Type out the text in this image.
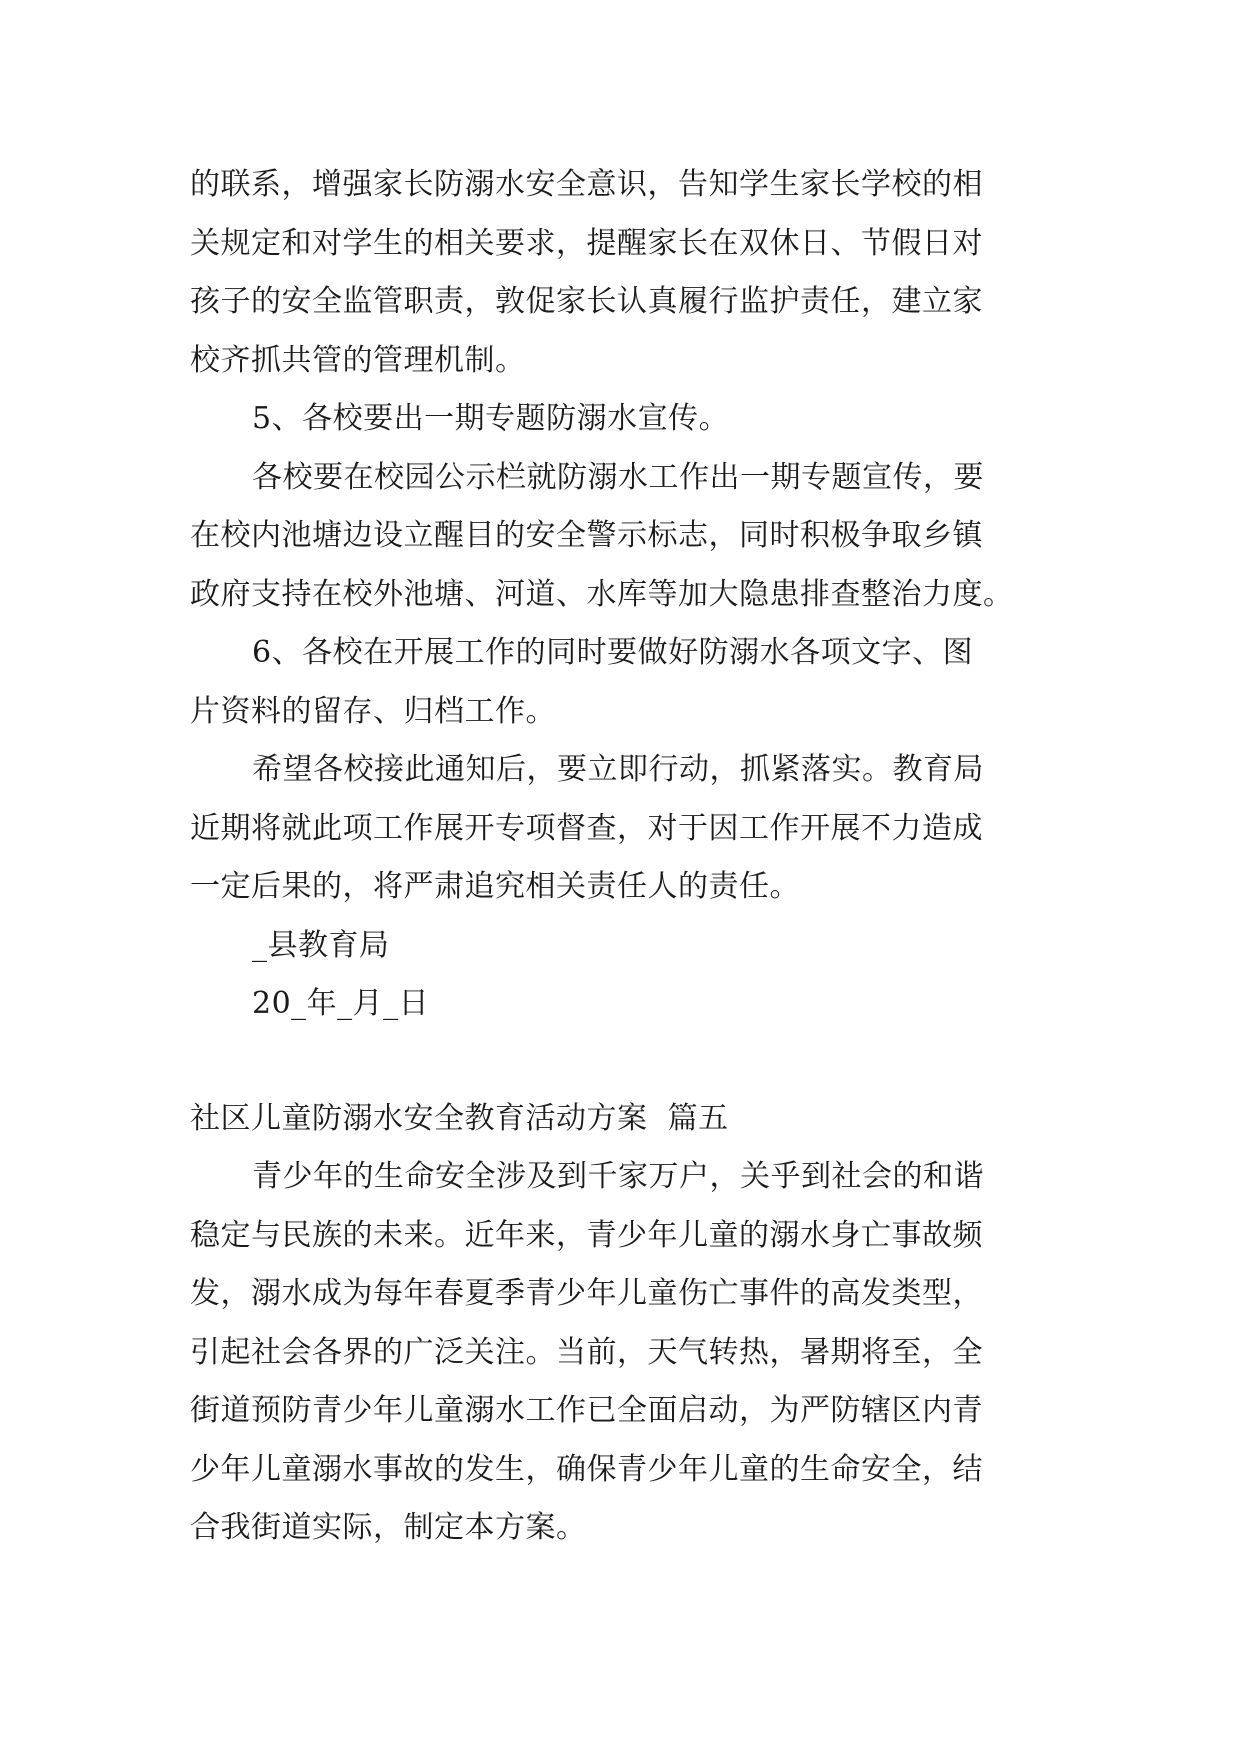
的联系，增强家长防溺水安全意识，告知学生家长学校的相
关规定和对学生的相关要求，提醒家长在双休日、节假日对
孩子的安全监管职责，敦促家长认真履行监护责任，建立家
校齐抓共管的管理机制。
5、各校要出一期专题防溺水宣传。
各校要在校园公示栏就防溺水工作出一期专题宣传，要
在校内池塘边设立醒目的安全警示标志，同时积极争取乡镇
政府支持在校外池塘、河道、水库等加大隐患排查整治力度。
6、各校在开展工作的同时要做好防溺水各项文字、图
片资料的留存、归档工作。
希望各校接此通知后，要立即行动，抓紧落实。教育局
近期将就此项工作展开专项督查，对于因工作开展不力造成
一定后果的，将严肃追究相关责任人的责任。
_县教育局
20_年_月_日
社区儿童防溺水安全教育活动方案  篇五
青少年的生命安全涉及到千家万户，关乎到社会的和谐
稳定与民族的未来。近年来，青少年儿童的溺水身亡事故频
发，溺水成为每年春夏季青少年儿童伤亡事件的高发类型，
引起社会各界的广泛关注。当前，天气转热，暑期将至，全
街道预防青少年儿童溺水工作已全面启动，为严防辖区内青
少年儿童溺水事故的发生，确保青少年儿童的生命安全，结
合我街道实际，制定本方案。
